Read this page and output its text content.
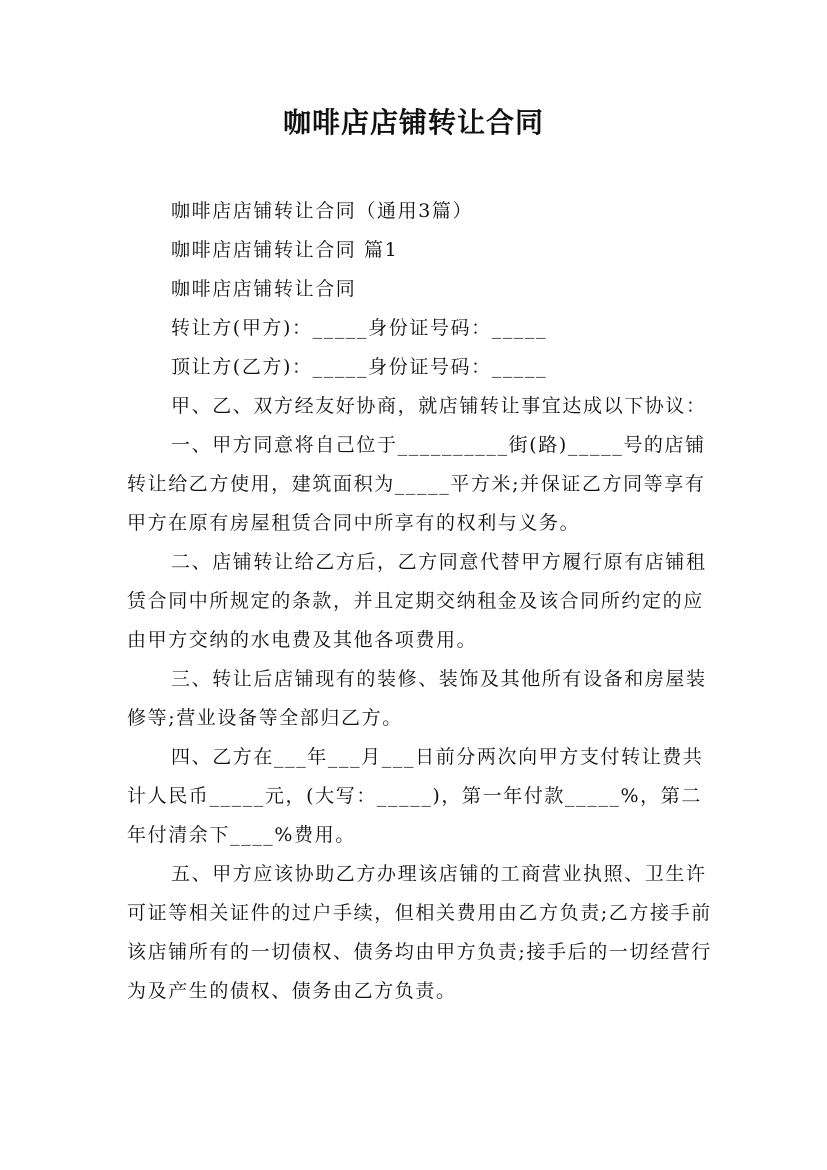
咖啡店店铺转让合同

咖啡店店铺转让合同（通用3篇）

咖啡店店铺转让合同 篇1

咖啡店店铺转让合同

转让方(甲方)：_____身份证号码：_____

顶让方(乙方)：_____身份证号码：_____

甲、乙、双方经友好协商，就店铺转让事宜达成以下协议：

一、甲方同意将自己位于__________街(路)_____号的店铺转让给乙方使用，建筑面积为_____平方米;并保证乙方同等享有甲方在原有房屋租赁合同中所享有的权利与义务。

二、店铺转让给乙方后，乙方同意代替甲方履行原有店铺租赁合同中所规定的条款，并且定期交纳租金及该合同所约定的应由甲方交纳的水电费及其他各项费用。

三、转让后店铺现有的装修、装饰及其他所有设备和房屋装修等;营业设备等全部归乙方。

四、乙方在___年___月___日前分两次向甲方支付转让费共计人民币_____元，(大写：_____)，第一年付款_____%，第二年付清余下____%费用。

五、甲方应该协助乙方办理该店铺的工商营业执照、卫生许可证等相关证件的过户手续，但相关费用由乙方负责;乙方接手前该店铺所有的一切债权、债务均由甲方负责;接手后的一切经营行为及产生的债权、债务由乙方负责。
